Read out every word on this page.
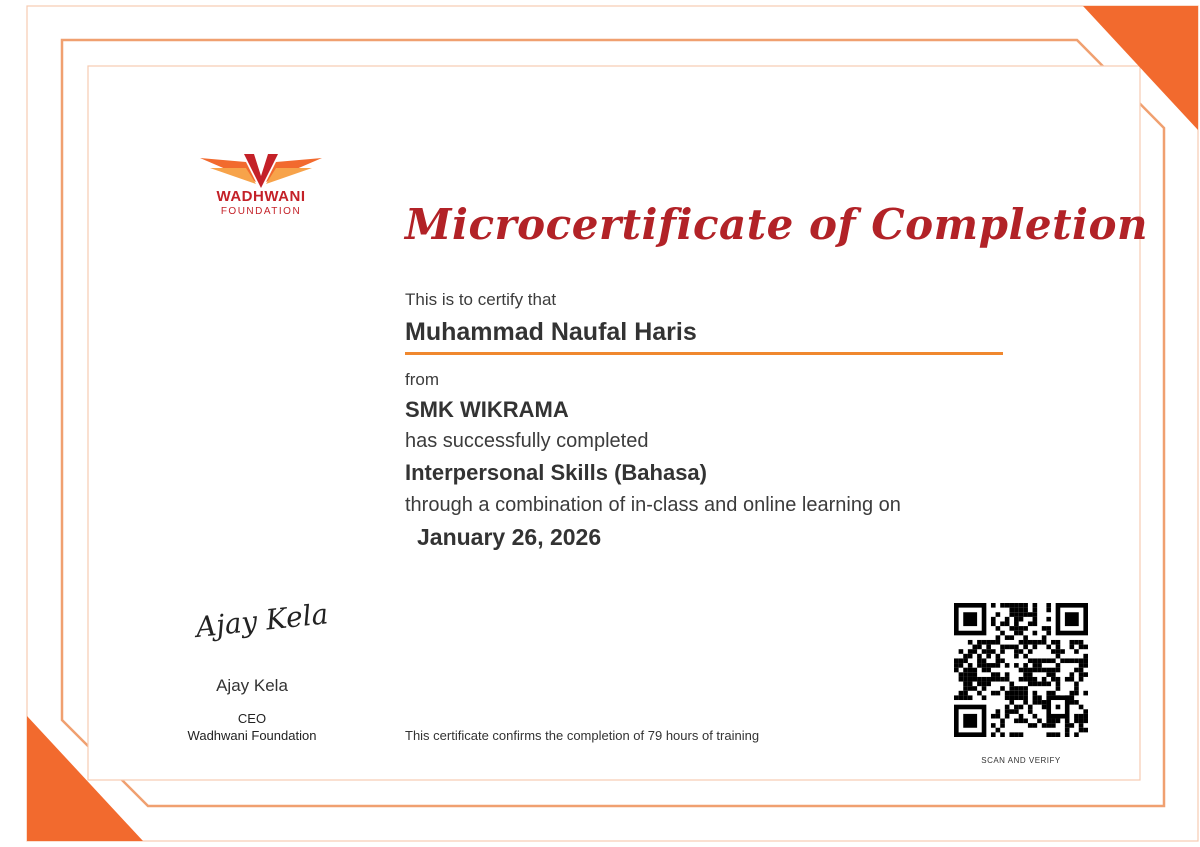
WADHWANI
FOUNDATION	Microcertificate of Completion
This is to certify that
Muhammad Naufal Haris
from
SMK WIKRAMA
has successfully completed
Interpersonal Skills (Bahasa)
through a combination of in-class and online learning on
January 26, 2026
Ajay Kela
Ajay Kela
CEO
Wadhwani Foundation	This certificate confirms the completion of 79 hours of training
SCAN AND VERIFY
